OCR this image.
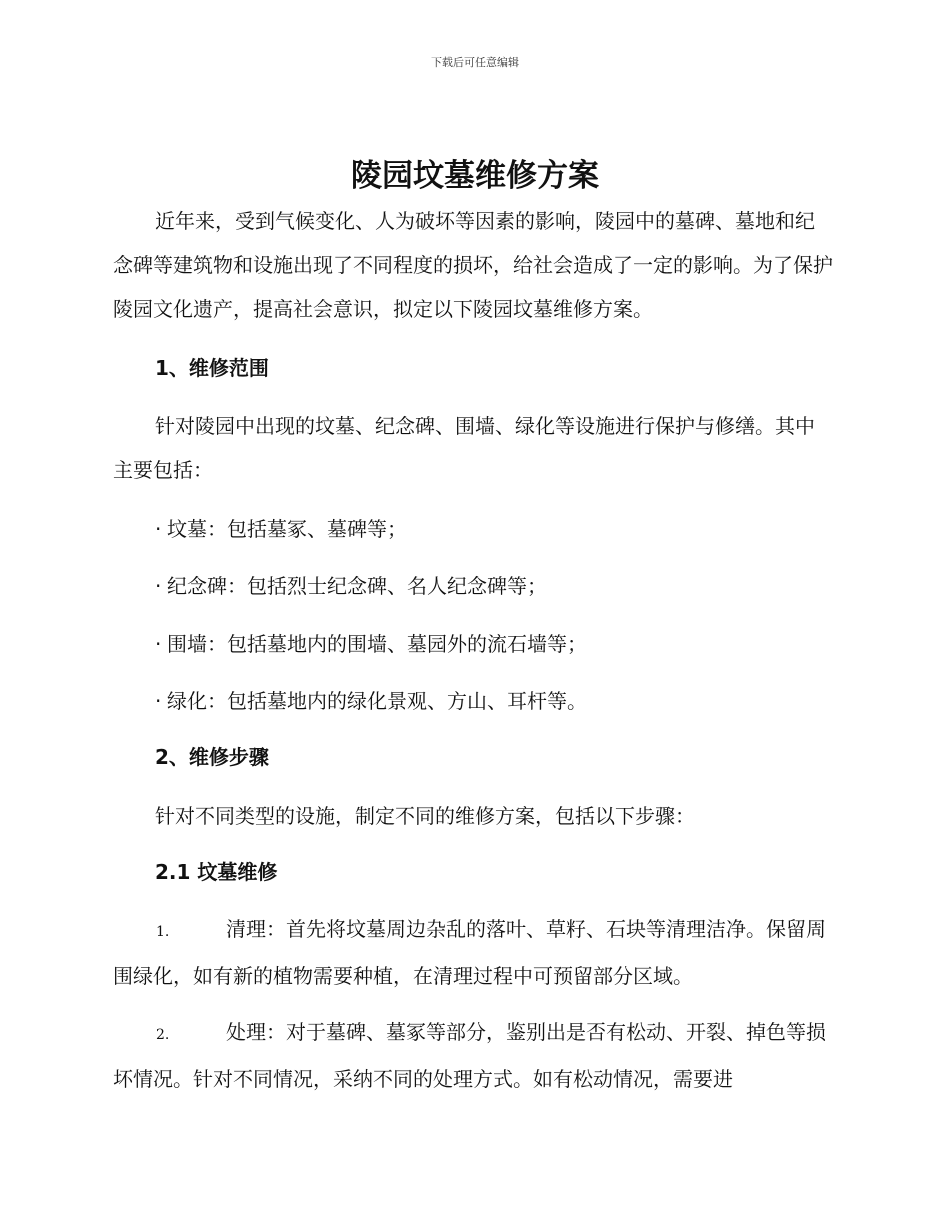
下载后可任意编辑
陵园坟墓维修方案

近年来，受到气候变化、人为破坏等因素的影响，陵园中的墓碑、墓地和纪念碑等建筑物和设施出现了不同程度的损坏，给社会造成了一定的影响。为了保护陵园文化遗产，提高社会意识，拟定以下陵园坟墓维修方案。

1、维修范围

针对陵园中出现的坟墓、纪念碑、围墙、绿化等设施进行保护与修缮。其中主要包括：

· 坟墓：包括墓冢、墓碑等；

· 纪念碑：包括烈士纪念碑、名人纪念碑等；

· 围墙：包括墓地内的围墙、墓园外的流石墙等；

· 绿化：包括墓地内的绿化景观、方山、耳杆等。

2、维修步骤

针对不同类型的设施，制定不同的维修方案，包括以下步骤：

2.1 坟墓维修

1.	清理：首先将坟墓周边杂乱的落叶、草籽、石块等清理洁净。保留周围绿化，如有新的植物需要种植，在清理过程中可预留部分区域。

2.	处理：对于墓碑、墓冢等部分，鉴别出是否有松动、开裂、掉色等损坏情况。针对不同情况，采纳不同的处理方式。如有松动情况，需要进
